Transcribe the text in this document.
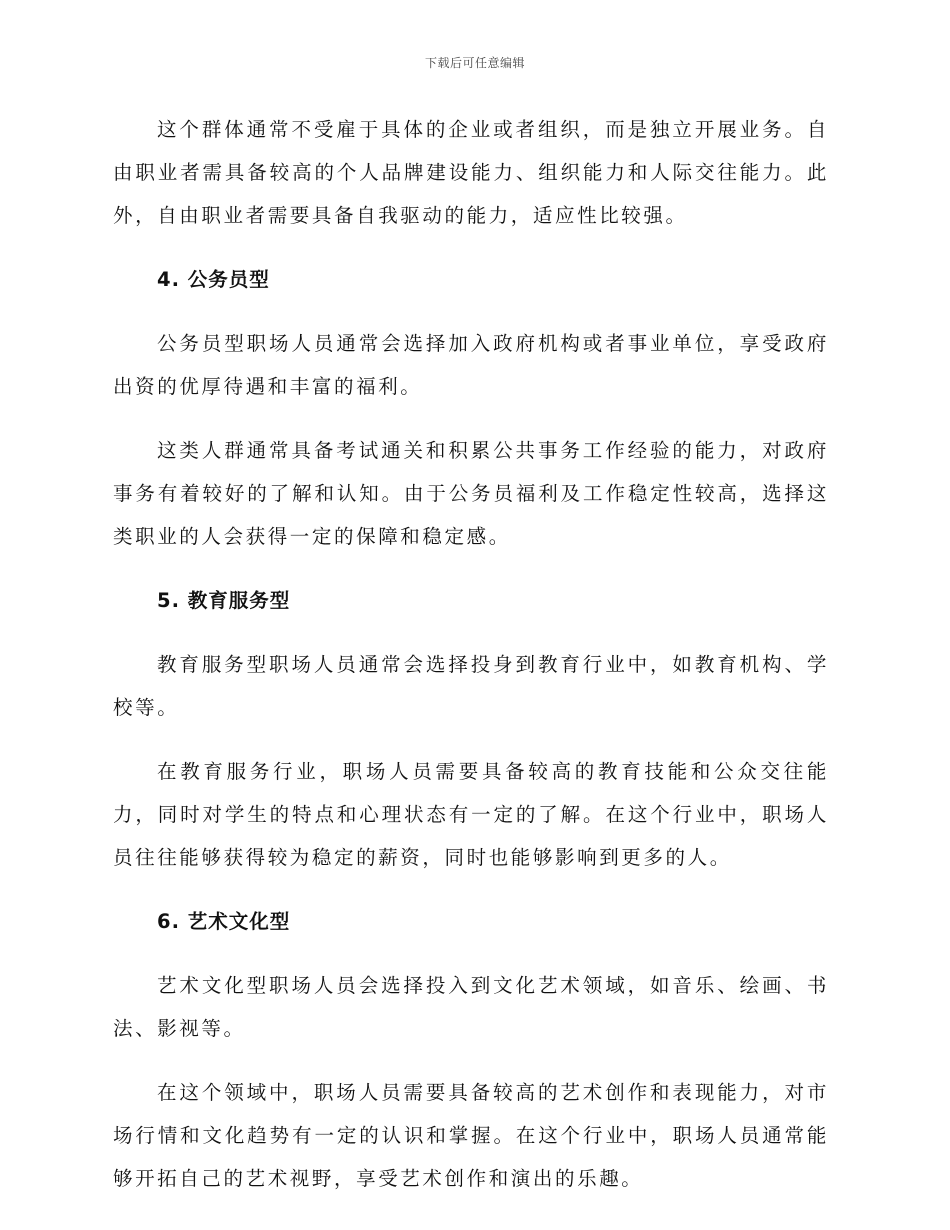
下载后可任意编辑

这个群体通常不受雇于具体的企业或者组织，而是独立开展业务。自由职业者需具备较高的个人品牌建设能力、组织能力和人际交往能力。此外，自由职业者需要具备自我驱动的能力，适应性比较强。

4. 公务员型

公务员型职场人员通常会选择加入政府机构或者事业单位，享受政府出资的优厚待遇和丰富的福利。

这类人群通常具备考试通关和积累公共事务工作经验的能力，对政府事务有着较好的了解和认知。由于公务员福利及工作稳定性较高，选择这类职业的人会获得一定的保障和稳定感。

5. 教育服务型

教育服务型职场人员通常会选择投身到教育行业中，如教育机构、学校等。

在教育服务行业，职场人员需要具备较高的教育技能和公众交往能力，同时对学生的特点和心理状态有一定的了解。在这个行业中，职场人员往往能够获得较为稳定的薪资，同时也能够影响到更多的人。

6. 艺术文化型

艺术文化型职场人员会选择投入到文化艺术领域，如音乐、绘画、书法、影视等。

在这个领域中，职场人员需要具备较高的艺术创作和表现能力，对市场行情和文化趋势有一定的认识和掌握。在这个行业中，职场人员通常能够开拓自己的艺术视野，享受艺术创作和演出的乐趣。
